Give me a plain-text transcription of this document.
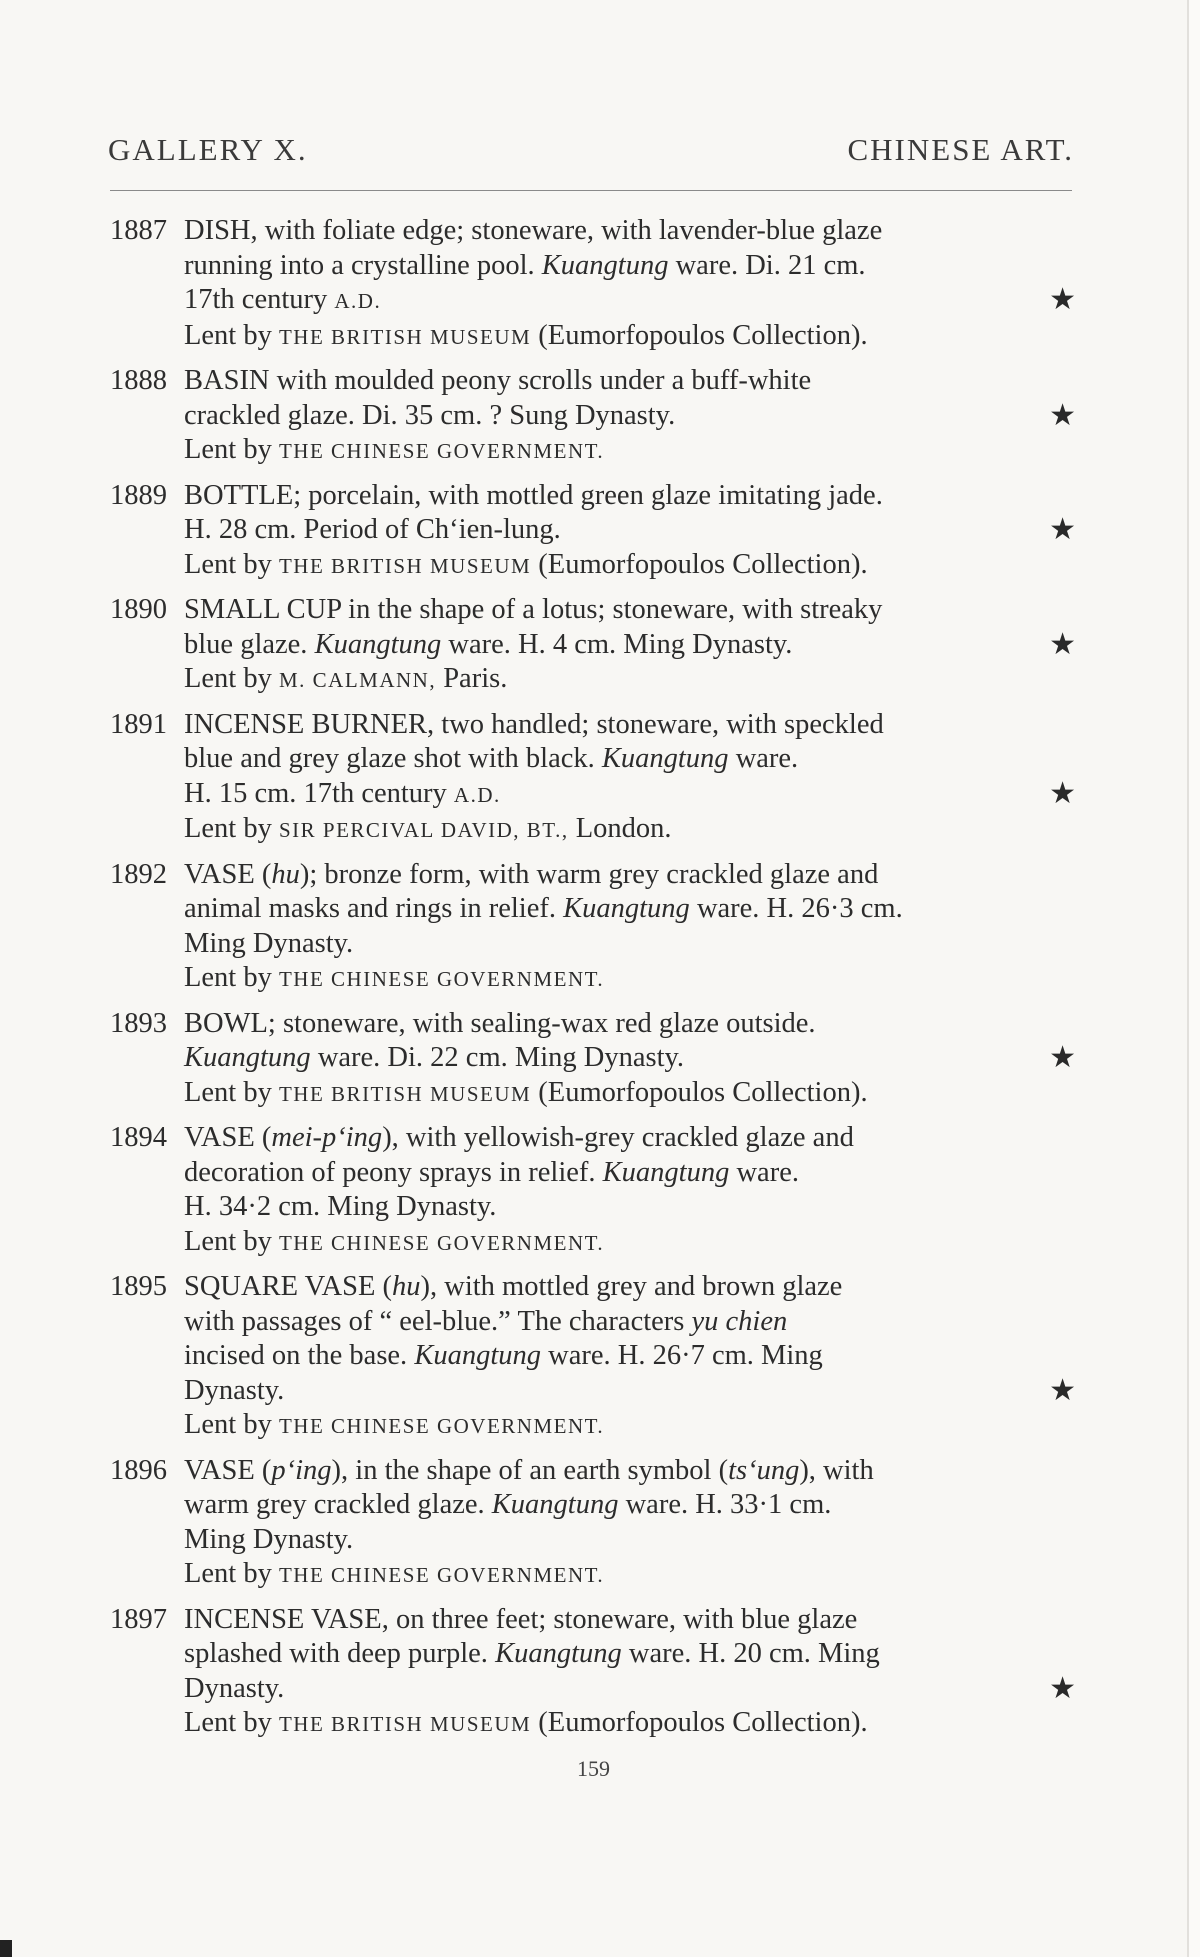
GALLERY X.	CHINESE ART.
1887 DISH, with foliate edge; stoneware, with lavender-blue glaze
running into a crystalline pool. Kuangtung ware. Di. 21 cm.
★
17th century A.D.
Lent by THE BRITISH MUSEUM (Eumorfopoulos Collection).
1888 BASIN with moulded peony scrolls under a buff-white
★
crackled glaze. Di. 35 cm. ? Sung Dynasty.
Lent by THE CHINESE GOVERNMENT.
1889 BOTTLE; porcelain, with mottled green glaze imitating jade.
★
H. 28 cm. Period of Ch‘ien-lung.
Lent by THE BRITISH MUSEUM (Eumorfopoulos Collection).
1890 SMALL CUP in the shape of a lotus; stoneware, with streaky
★
blue glaze. Kuangtung ware. H. 4 cm. Ming Dynasty.
Lent by M. CALMANN, Paris.
1891 INCENSE BURNER, two handled; stoneware, with speckled
blue and grey glaze shot with black. Kuangtung ware.
★
H. 15 cm. 17th century A.D.
Lent by SIR PERCIVAL DAVID, BT., London.
1892 VASE (hu); bronze form, with warm grey crackled glaze and
animal masks and rings in relief. Kuangtung ware. H. 26·3 cm.
Ming Dynasty.
Lent by THE CHINESE GOVERNMENT.
1893 BOWL; stoneware, with sealing-wax red glaze outside.
★
Kuangtung ware. Di. 22 cm. Ming Dynasty.
Lent by THE BRITISH MUSEUM (Eumorfopoulos Collection).
1894 VASE (mei-p‘ing), with yellowish-grey crackled glaze and
decoration of peony sprays in relief. Kuangtung ware.
H. 34·2 cm. Ming Dynasty.
Lent by THE CHINESE GOVERNMENT.
1895 SQUARE VASE (hu), with mottled grey and brown glaze
with passages of “ eel-blue.” The characters yu chien
incised on the base. Kuangtung ware. H. 26·7 cm. Ming
★
Dynasty.
Lent by THE CHINESE GOVERNMENT.
1896 VASE (p‘ing), in the shape of an earth symbol (ts‘ung), with
warm grey crackled glaze. Kuangtung ware. H. 33·1 cm.
Ming Dynasty.
Lent by THE CHINESE GOVERNMENT.
1897 INCENSE VASE, on three feet; stoneware, with blue glaze
splashed with deep purple. Kuangtung ware. H. 20 cm. Ming
★
Dynasty.
Lent by THE BRITISH MUSEUM (Eumorfopoulos Collection).
159
